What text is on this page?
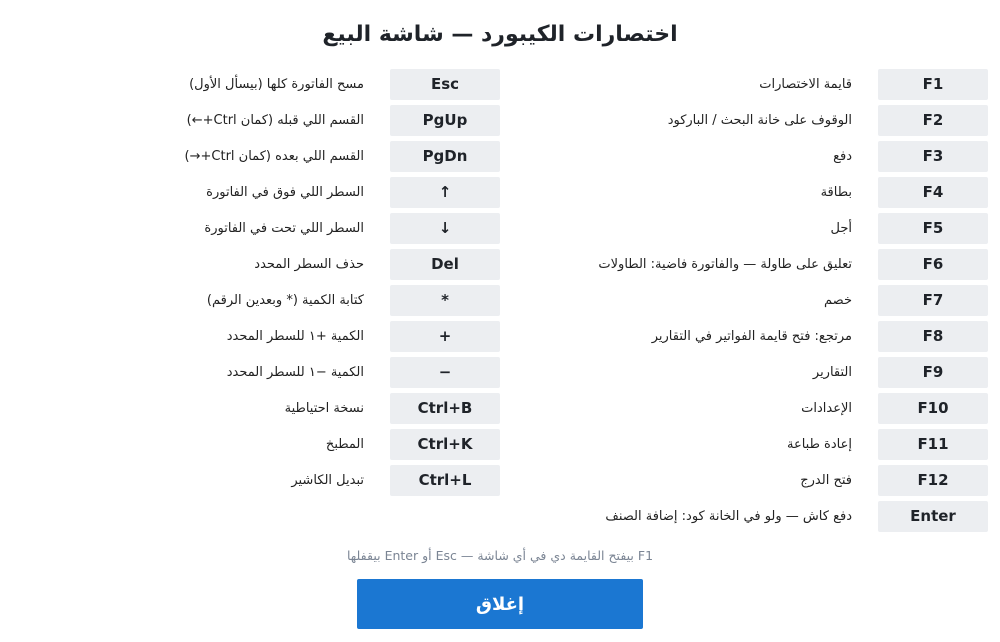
اختصارات الكيبورد — شاشة البيع
F1
قايمة الاختصارات
F2
الوقوف على خانة البحث / الباركود
F3
دفع
F4
بطاقة
F5
أجل
F6
تعليق على طاولة — والفاتورة فاضية: الطاولات
F7
خصم
F8
مرتجع: فتح قايمة الفواتير في التقارير
F9
التقارير
F10
الإعدادات
F11
إعادة طباعة
F12
فتح الدرج
Enter
دفع كاش — ولو في الخانة كود: إضافة الصنف
Esc
مسح الفاتورة كلها (بيسأل الأول)
PgUp
القسم اللي قبله (كمان Ctrl+←)
PgDn
القسم اللي بعده (كمان Ctrl+→)
↑
السطر اللي فوق في الفاتورة
↓
السطر اللي تحت في الفاتورة
Del
حذف السطر المحدد
*
كتابة الكمية (* وبعدين الرقم)
+
الكمية +١ للسطر المحدد
−
الكمية −١ للسطر المحدد
Ctrl+B
نسخة احتياطية
Ctrl+K
المطبخ
Ctrl+L
تبديل الكاشير
F1 بيفتح القايمة دي في أي شاشة — Esc أو Enter بيقفلها
إغلاق
